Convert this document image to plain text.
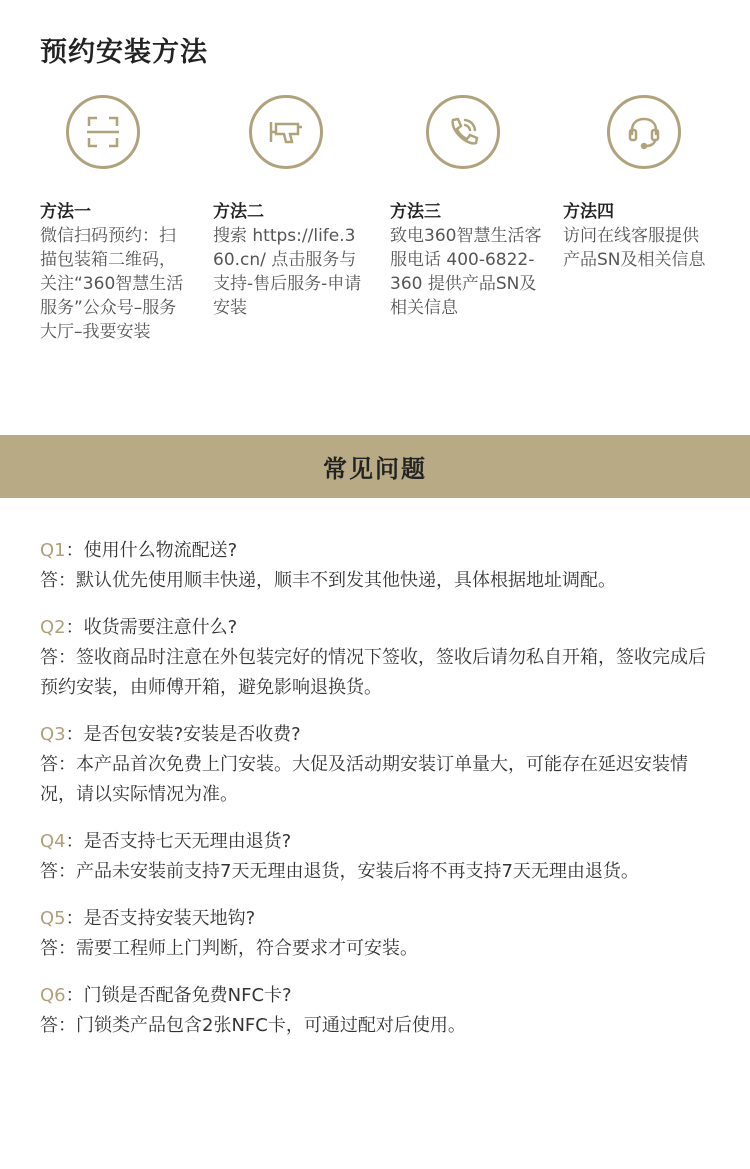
预约安装方法
方法一
微信扫码预约：扫描包装箱二维码，关注“360智慧生活服务”公众号–服务大厅–我要安装
方法二
搜索 https://life.360.cn/ 点击服务与支持-售后服务-申请安装
方法三
致电360智慧生活客服电话 400-6822-360 提供产品SN及相关信息
方法四
访问在线客服提供产品SN及相关信息
常见问题
Q1：使用什么物流配送?
答：默认优先使用顺丰快递，顺丰不到发其他快递，具体根据地址调配。
Q2：收货需要注意什么?
答：签收商品时注意在外包装完好的情况下签收，签收后请勿私自开箱，签收完成后预约安装，由师傅开箱，避免影响退换货。
Q3：是否包安装?安装是否收费?
答：本产品首次免费上门安装。大促及活动期安装订单量大，可能存在延迟安装情况，请以实际情况为准。
Q4：是否支持七天无理由退货?
答：产品未安装前支持7天无理由退货，安装后将不再支持7天无理由退货。
Q5：是否支持安装天地钩?
答：需要工程师上门判断，符合要求才可安装。
Q6：门锁是否配备免费NFC卡?
答：门锁类产品包含2张NFC卡，可通过配对后使用。
